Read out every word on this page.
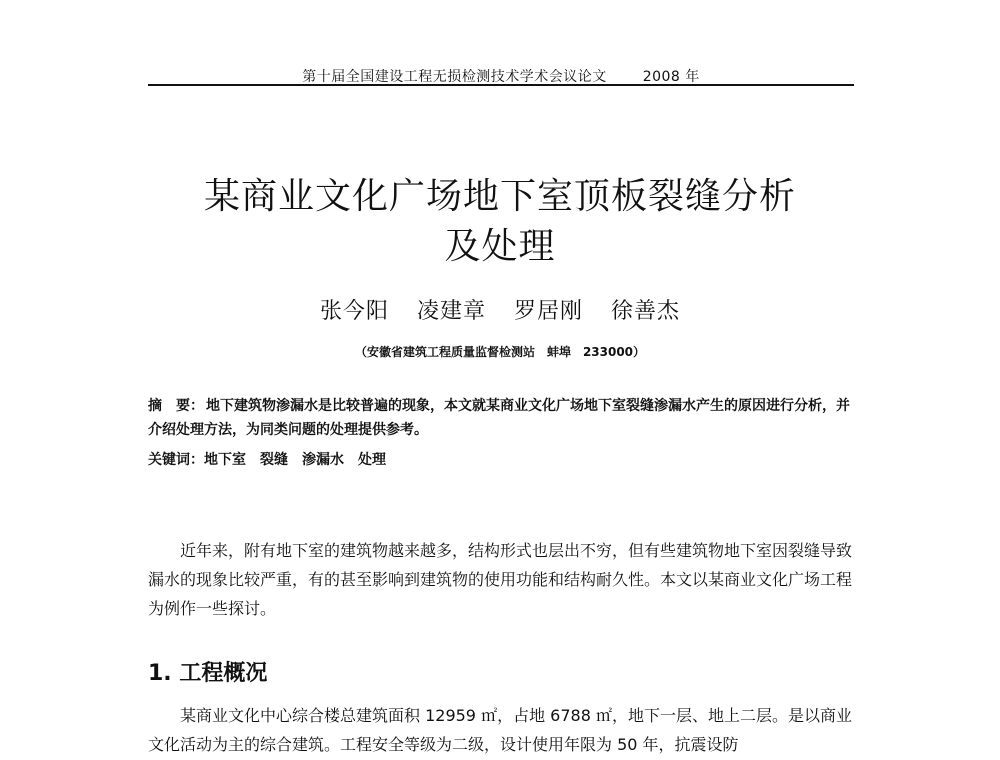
第十届全国建设工程无损检测技术学术会议论文	2008 年
某商业文化广场地下室顶板裂缝分析
及处理
张今阳 凌建章 罗居刚 徐善杰
（安徽省建筑工程质量监督检测站　蚌埠　233000）
摘　要： 地下建筑物渗漏水是比较普遍的现象，本文就某商业文化广场地下室裂缝渗漏水产生的原因进行分析，并介绍处理方法，为同类问题的处理提供参考。
关键词：地下室 裂缝 渗漏水 处理

近年来，附有地下室的建筑物越来越多，结构形式也层出不穷，但有些建筑物地下室因裂缝导致漏水的现象比较严重，有的甚至影响到建筑物的使用功能和结构耐久性。本文以某商业文化广场工程为例作一些探讨。

1. 工程概况

某商业文化中心综合楼总建筑面积 12959 ㎡，占地 6788 ㎡，地下一层、地上二层。是以商业文化活动为主的综合建筑。工程安全等级为二级，设计使用年限为 50 年，抗震设防
